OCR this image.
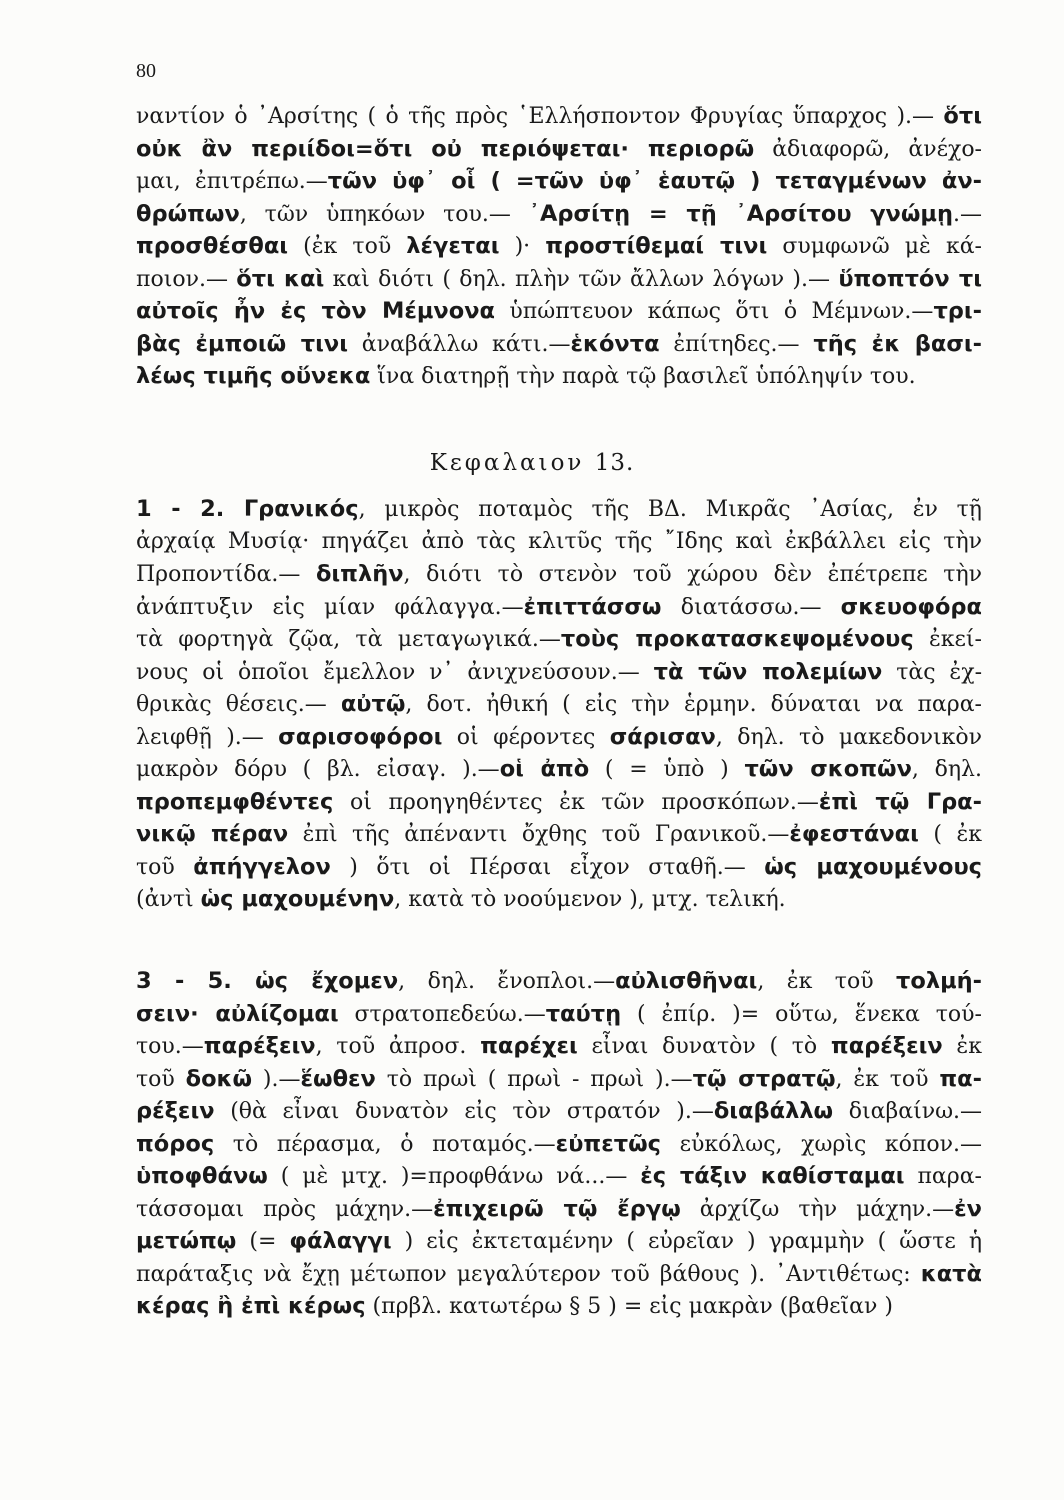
80
ναντίον ὁ ᾿Αρσίτης ( ὁ τῆς πρὸς ῾Ελλήσποντον Φρυγίας ὕπαρχος ).— ὅτι
οὐκ ἂν περιίδοι=ὅτι οὐ περιόψεται· περιορῶ ἀδιαφορῶ, ἀνέχο-
μαι, ἐπιτρέπω.—τῶν ὑφ᾿ οἷ ( =τῶν ὑφ᾿ ἑαυτῷ ) τεταγμένων ἀν-
θρώπων, τῶν ὑπηκόων του.— ᾿Αρσίτῃ = τῇ ᾿Αρσίτου γνώμῃ.—
προσθέσθαι (ἐκ τοῦ λέγεται )· προστίθεμαί τινι συμφωνῶ μὲ κά-
ποιον.— ὅτι καὶ καὶ διότι ( δηλ. πλὴν τῶν ἄλλων λόγων ).— ὕποπτόν τι
αὐτοῖς ἦν ἐς τὸν Μέμνονα ὑπώπτευον κάπως ὅτι ὁ Μέμνων.—τρι-
βὰς ἐμποιῶ τινι ἀναβάλλω κάτι.—ἑκόντα ἐπίτηδες.— τῆς ἐκ βασι-
λέως τιμῆς οὕνεκα ἵνα διατηρῇ τὴν παρὰ τῷ βασιλεῖ ὑπόληψίν του.
Κεφαλαιον 13.
1 - 2. Γρανικός, μικρὸς ποταμὸς τῆς ΒΔ. Μικρᾶς ᾿Ασίας, ἐν τῇ
ἀρχαίᾳ Μυσίᾳ· πηγάζει ἀπὸ τὰς κλιτῦς τῆς ῎Ιδης καὶ ἐκβάλλει εἰς τὴν
Προποντίδα.— διπλῆν, διότι τὸ στενὸν τοῦ χώρου δὲν ἐπέτρεπε τὴν
ἀνάπτυξιν εἰς μίαν φάλαγγα.—ἐπιττάσσω διατάσσω.— σκευοφόρα
τὰ φορτηγὰ ζῷα, τὰ μεταγωγικά.—τοὺς προκατασκεψομένους ἐκεί-
νους οἱ ὁποῖοι ἔμελλον ν᾿ ἀνιχνεύσουν.— τὰ τῶν πολεμίων τὰς ἐχ-
θρικὰς θέσεις.— αὐτῷ, δοτ. ἠθική ( εἰς τὴν ἑρμην. δύναται να παρα-
λειφθῇ ).— σαρισοφόροι οἱ φέροντες σάρισαν, δηλ. τὸ μακεδονικὸν
μακρὸν δόρυ ( βλ. εἰσαγ. ).—οἱ ἀπὸ ( = ὑπὸ ) τῶν σκοπῶν, δηλ.
προπεμφθέντες οἱ προηγηθέντες ἐκ τῶν προσκόπων.—ἐπὶ τῷ Γρα-
νικῷ πέραν ἐπὶ τῆς ἀπέναντι ὄχθης τοῦ Γρανικοῦ.—ἐφεστάναι ( ἐκ
τοῦ ἀπήγγελον ) ὅτι οἱ Πέρσαι εἶχον σταθῆ.— ὡς μαχουμένους
(ἀντὶ ὡς μαχουμένην, κατὰ τὸ νοούμενον ), μτχ. τελική.
3 - 5. ὡς ἔχομεν, δηλ. ἔνοπλοι.—αὐλισθῆναι, ἐκ τοῦ τολμή-
σειν· αὐλίζομαι στρατοπεδεύω.—ταύτῃ ( ἐπίρ. )= οὕτω, ἕνεκα τού-
του.—παρέξειν, τοῦ ἀπροσ. παρέχει εἶναι δυνατὸν ( τὸ παρέξειν ἐκ
τοῦ δοκῶ ).—ἕωθεν τὸ πρωὶ ( πρωὶ - πρωὶ ).—τῷ στρατῷ, ἐκ τοῦ πα-
ρέξειν (θὰ εἶναι δυνατὸν εἰς τὸν στρατόν ).—διαβάλλω διαβαίνω.—
πόρος τὸ πέρασμα, ὁ ποταμός.—εὐπετῶς εὐκόλως, χωρὶς κόπον.—
ὑποφθάνω ( μὲ μτχ. )=προφθάνω νά...— ἐς τάξιν καθίσταμαι παρα-
τάσσομαι πρὸς μάχην.—ἐπιχειρῶ τῷ ἔργῳ ἀρχίζω τὴν μάχην.—ἐν
μετώπῳ (= φάλαγγι ) εἰς ἐκτεταμένην ( εὐρεῖαν ) γραμμὴν ( ὥστε ἡ
παράταξις νὰ ἔχῃ μέτωπον μεγαλύτερον τοῦ βάθους ). ᾿Αντιθέτως: κατὰ
κέρας ἢ ἐπὶ κέρως (πρβλ. κατωτέρω § 5 ) = εἰς μακρὰν (βαθεῖαν )
